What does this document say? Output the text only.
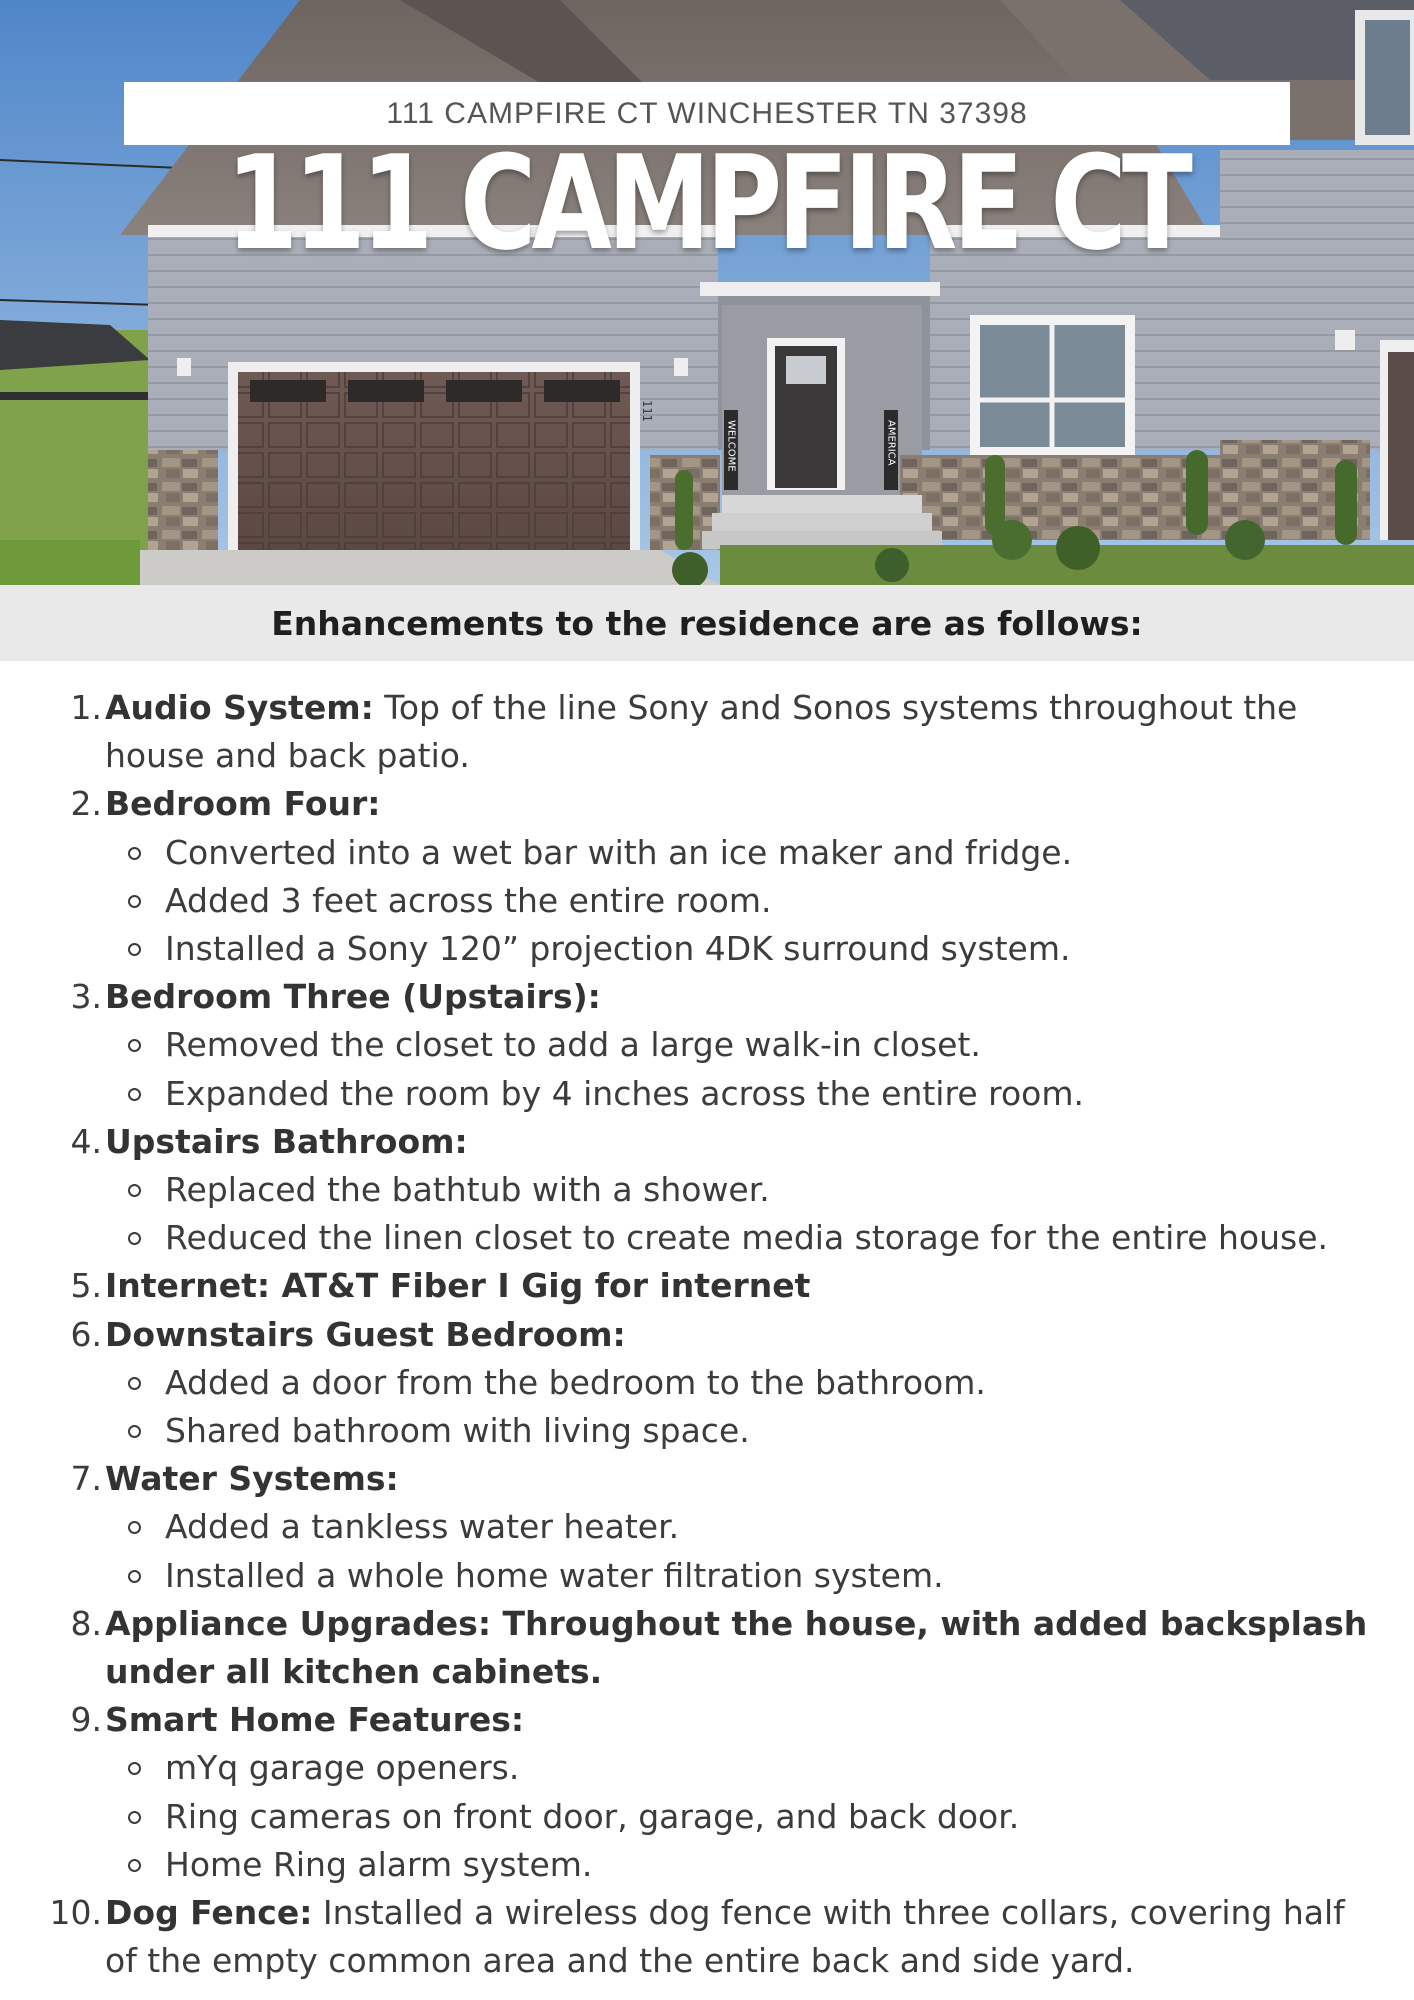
111
WELCOME	AMERICA
111 CAMPFIRE CT WINCHESTER TN 37398
111 CAMPFIRE CT
Enhancements to the residence are as follows:
1. Audio System: Top of the line Sony and Sonos systems throughout the house and back patio.
2. Bedroom Four:
Converted into a wet bar with an ice maker and fridge.
Added 3 feet across the entire room.
Installed a Sony 120” projection 4DK surround system.
3. Bedroom Three (Upstairs):
Removed the closet to add a large walk-in closet.
Expanded the room by 4 inches across the entire room.
4. Upstairs Bathroom:
Replaced the bathtub with a shower.
Reduced the linen closet to create media storage for the entire house.
5. Internet: AT&T Fiber I Gig for internet
6. Downstairs Guest Bedroom:
Added a door from the bedroom to the bathroom.
Shared bathroom with living space.
7. Water Systems:
Added a tankless water heater.
Installed a whole home water filtration system.
8. Appliance Upgrades: Throughout the house, with added backsplash under all kitchen cabinets.
9. Smart Home Features:
mYq garage openers.
Ring cameras on front door, garage, and back door.
Home Ring alarm system.
10. Dog Fence: Installed a wireless dog fence with three collars, covering half of the empty common area and the entire back and side yard.
